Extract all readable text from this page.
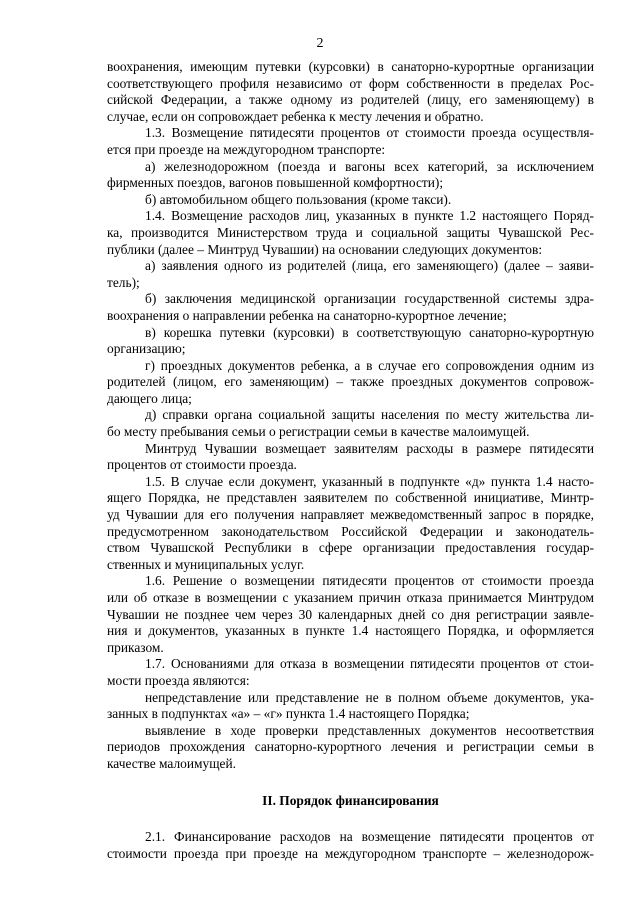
2
воохранения, имеющим путевки (курсовки) в санаторно-курортные организации
соответствующего профиля независимо от форм собственности в пределах Рос-
сийской Федерации, а также одному из родителей (лицу, его заменяющему) в
случае, если он сопровождает ребенка к месту лечения и обратно.
1.3. Возмещение пятидесяти процентов от стоимости проезда осуществля-
ется при проезде на междугородном транспорте:
а) железнодорожном (поезда и вагоны всех категорий, за исключением
фирменных поездов, вагонов повышенной комфортности);
б) автомобильном общего пользования (кроме такси).
1.4. Возмещение расходов лиц, указанных в пункте 1.2 настоящего Поряд-
ка, производится Министерством труда и социальной защиты Чувашской Рес-
публики (далее – Минтруд Чувашии) на основании следующих документов:
а) заявления одного из родителей (лица, его заменяющего) (далее – заяви-
тель);
б) заключения медицинской организации государственной системы здра-
воохранения о направлении ребенка на санаторно-курортное лечение;
в) корешка путевки (курсовки) в соответствующую санаторно-курортную
организацию;
г) проездных документов ребенка, а в случае его сопровождения одним из
родителей (лицом, его заменяющим) – также проездных документов сопровож-
дающего лица;
д) справки органа социальной защиты населения по месту жительства ли-
бо месту пребывания семьи о регистрации семьи в качестве малоимущей.
Минтруд Чувашии возмещает заявителям расходы в размере пятидесяти
процентов от стоимости проезда.
1.5. В случае если документ, указанный в подпункте «д» пункта 1.4 насто-
ящего Порядка, не представлен заявителем по собственной инициативе, Минтр-
уд Чувашии для его получения направляет межведомственный запрос в порядке,
предусмотренном законодательством Российской Федерации и законодатель-
ством Чувашской Республики в сфере организации предоставления государ-
ственных и муниципальных услуг.
1.6. Решение о возмещении пятидесяти процентов от стоимости проезда
или об отказе в возмещении с указанием причин отказа принимается Минтрудом
Чувашии не позднее чем через 30 календарных дней со дня регистрации заявле-
ния и документов, указанных в пункте 1.4 настоящего Порядка, и оформляется
приказом.
1.7. Основаниями для отказа в возмещении пятидесяти процентов от стои-
мости проезда являются:
непредставление или представление не в полном объеме документов, ука-
занных в подпунктах «а» – «г» пункта 1.4 настоящего Порядка;
выявление в ходе проверки представленных документов несоответствия
периодов прохождения санаторно-курортного лечения и регистрации семьи в
качестве малоимущей.
II. Порядок финансирования
2.1. Финансирование расходов на возмещение пятидесяти процентов от
стоимости проезда при проезде на междугородном транспорте – железнодорож-
